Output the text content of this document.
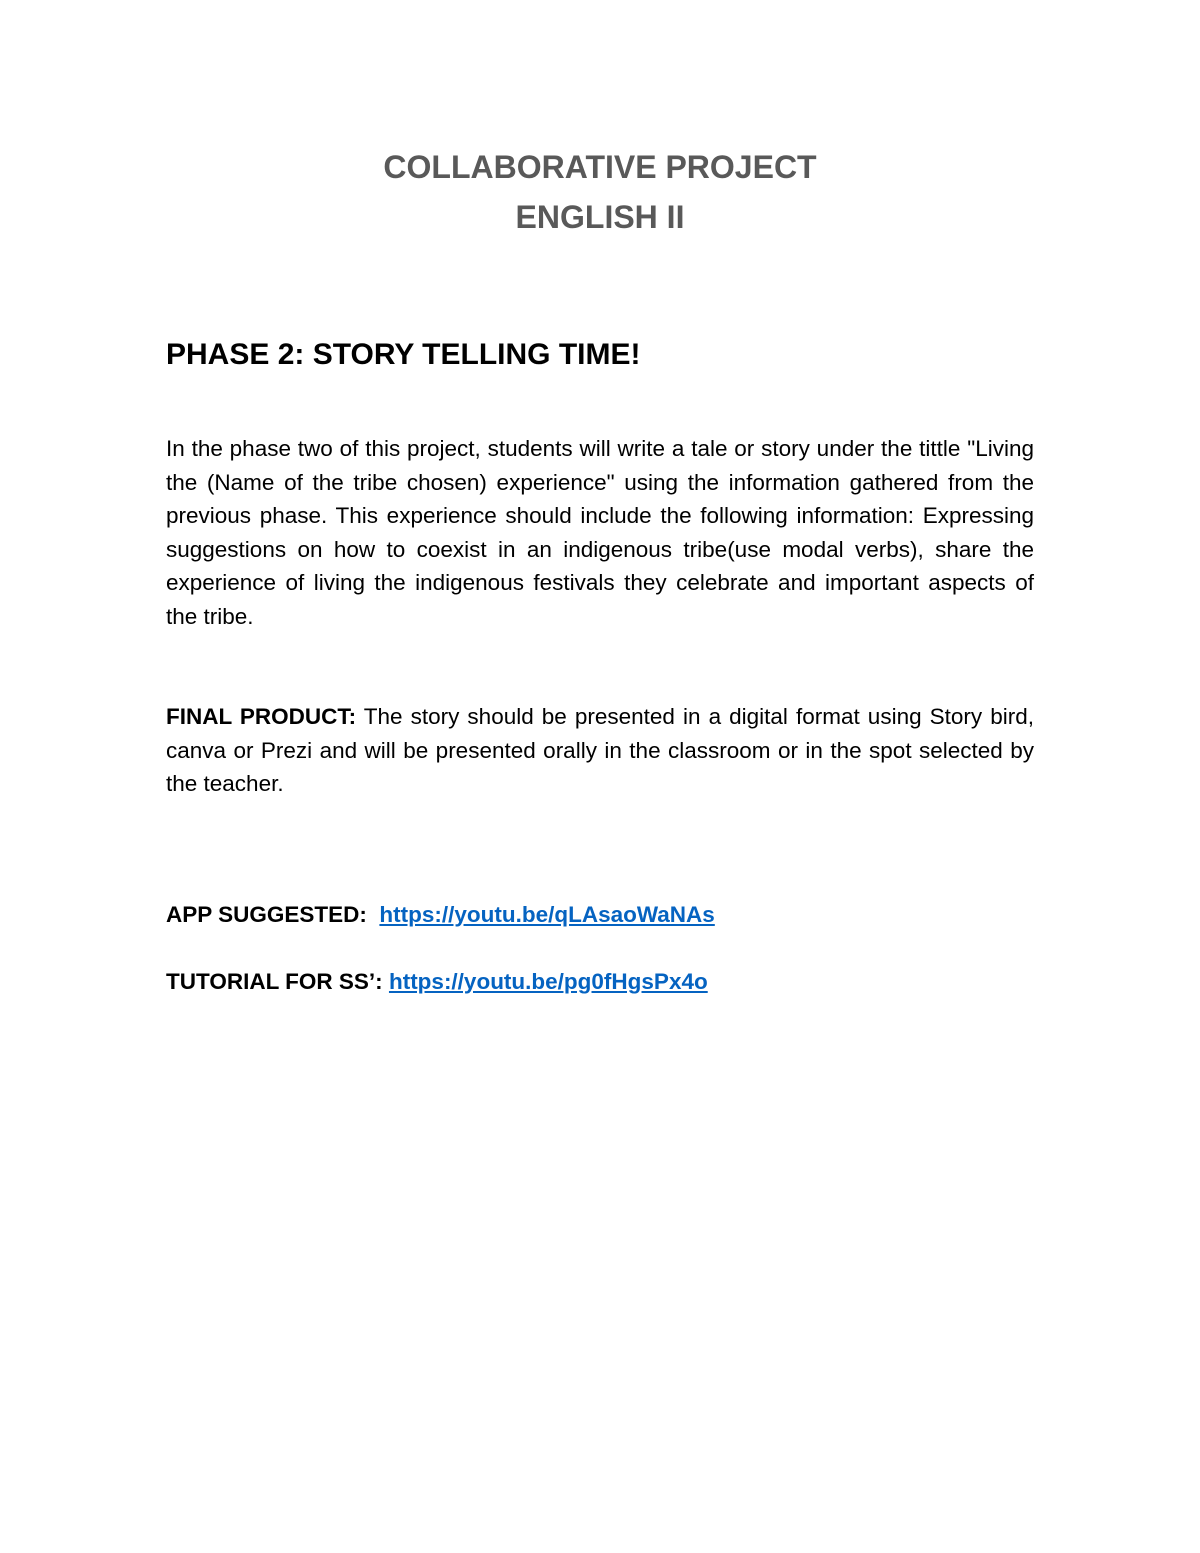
COLLABORATIVE PROJECT
ENGLISH II
PHASE 2: STORY TELLING TIME!
In the phase two of this project, students will write a tale or story under the tittle "Living the (Name of the tribe chosen) experience" using the information gathered from the previous phase. This experience should include the following information: Expressing suggestions on how to coexist in an indigenous tribe(use modal verbs), share the experience of living the indigenous festivals they celebrate and important aspects of the tribe.
FINAL PRODUCT: The story should be presented in a digital format using Story bird, canva or Prezi and will be presented orally in the classroom or in the spot selected by the teacher.
APP SUGGESTED: https://youtu.be/qLAsaoWaNAs
TUTORIAL FOR SS’: https://youtu.be/pg0fHgsPx4o
